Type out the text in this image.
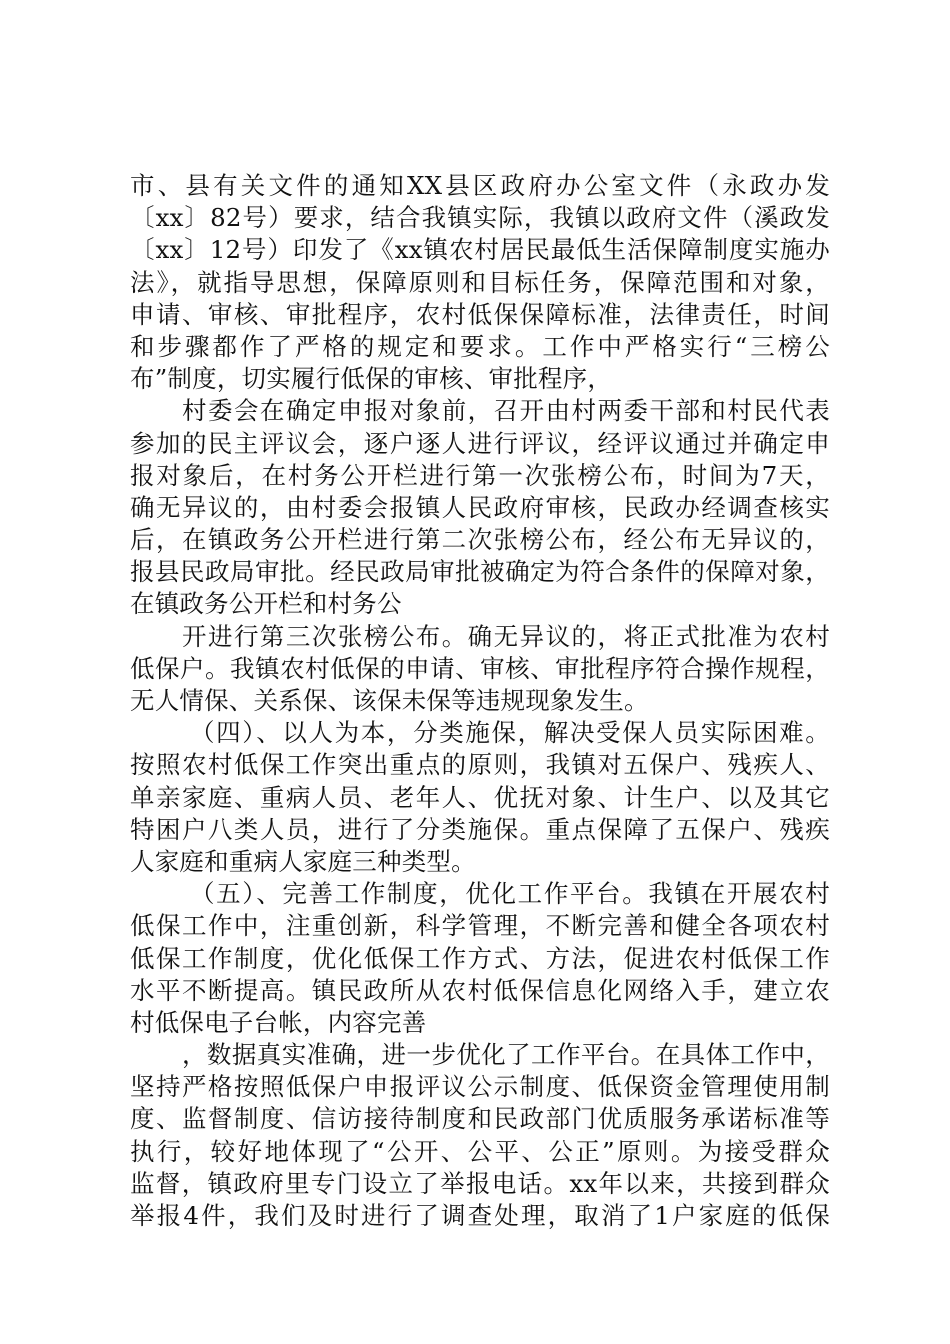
市、县有关文件的通知XX县区政府办公室文件（永政办发
〔xx〕82号）要求，结合我镇实际，我镇以政府文件（溪政发
〔xx〕12号）印发了《xx镇农村居民最低生活保障制度实施办
法》，就指导思想，保障原则和目标任务，保障范围和对象，
申请、审核、审批程序，农村低保保障标准，法律责任，时间
和步骤都作了严格的规定和要求。工作中严格实行“三榜公
布”制度，切实履行低保的审核、审批程序，
村委会在确定申报对象前，召开由村两委干部和村民代表
参加的民主评议会，逐户逐人进行评议，经评议通过并确定申
报对象后，在村务公开栏进行第一次张榜公布，时间为7天，
确无异议的，由村委会报镇人民政府审核，民政办经调查核实
后，在镇政务公开栏进行第二次张榜公布，经公布无异议的，
报县民政局审批。经民政局审批被确定为符合条件的保障对象，
在镇政务公开栏和村务公
开进行第三次张榜公布。确无异议的，将正式批准为农村
低保户。我镇农村低保的申请、审核、审批程序符合操作规程，
无人情保、关系保、该保未保等违规现象发生。
（四）、以人为本，分类施保，解决受保人员实际困难。
按照农村低保工作突出重点的原则，我镇对五保户、残疾人、
单亲家庭、重病人员、老年人、优抚对象、计生户、以及其它
特困户八类人员，进行了分类施保。重点保障了五保户、残疾
人家庭和重病人家庭三种类型。
（五）、完善工作制度，优化工作平台。我镇在开展农村
低保工作中，注重创新，科学管理，不断完善和健全各项农村
低保工作制度，优化低保工作方式、方法，促进农村低保工作
水平不断提高。镇民政所从农村低保信息化网络入手，建立农
村低保电子台帐，内容完善
，数据真实准确，进一步优化了工作平台。在具体工作中，
坚持严格按照低保户申报评议公示制度、低保资金管理使用制
度、监督制度、信访接待制度和民政部门优质服务承诺标准等
执行，较好地体现了“公开、公平、公正”原则。为接受群众
监督，镇政府里专门设立了举报电话。xx年以来，共接到群众
举报4件，我们及时进行了调查处理，取消了1户家庭的低保
